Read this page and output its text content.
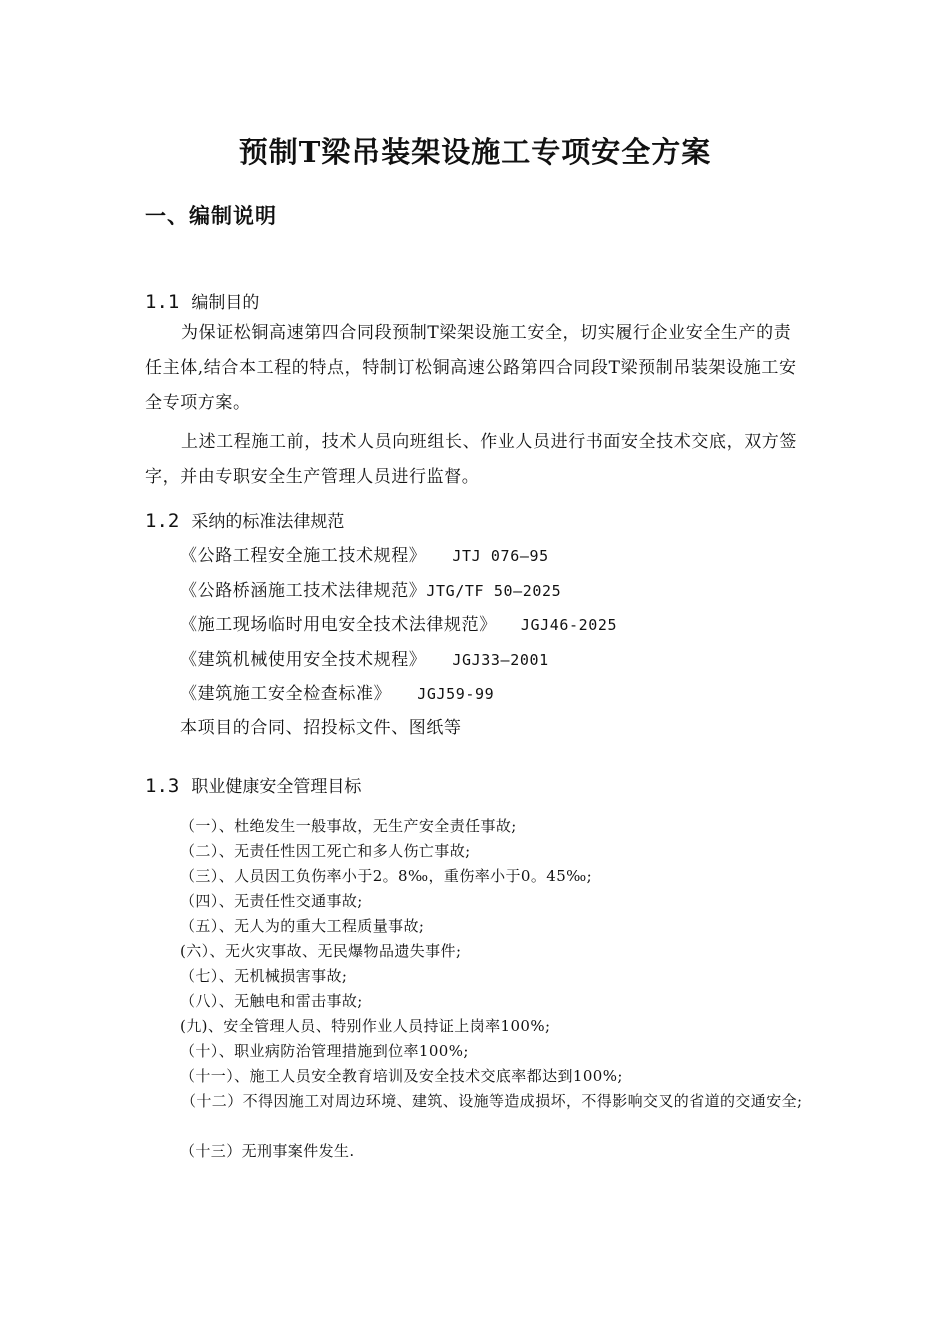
预制T梁吊装架设施工专项安全方案
一、编制说明
1.1 编制目的
为保证松铜高速第四合同段预制T梁架设施工安全，切实履行企业安全生产的责任主体,结合本工程的特点，特制订松铜高速公路第四合同段T梁预制吊装架设施工安全专项方案。
上述工程施工前，技术人员向班组长、作业人员进行书面安全技术交底，双方签字，并由专职安全生产管理人员进行监督。
1.2 采纳的标准法律规范
《公路工程安全施工技术规程》 JTJ 076—95
《公路桥涵施工技术法律规范》JTG/TF 50—2025
《施工现场临时用电安全技术法律规范》 JGJ46-2025
《建筑机械使用安全技术规程》 JGJ33—2001
《建筑施工安全检查标准》 JGJ59-99
本项目的合同、招投标文件、图纸等
1.3 职业健康安全管理目标
（一）、杜绝发生一般事故，无生产安全责任事故;
（二）、无责任性因工死亡和多人伤亡事故;
（三）、人员因工负伤率小于2。8‰，重伤率小于0。45‰;
（四）、无责任性交通事故;
（五）、无人为的重大工程质量事故;
(六）、无火灾事故、无民爆物品遗失事件;
（七）、无机械损害事故;
（八）、无触电和雷击事故;
(九)、安全管理人员、特别作业人员持证上岗率100%;
（十）、职业病防治管理措施到位率100%;
（十一）、施工人员安全教育培训及安全技术交底率都达到100%;
（十二）不得因施工对周边环境、建筑、设施等造成损坏，不得影响交叉的省道的交通安全;
（十三）无刑事案件发生.
